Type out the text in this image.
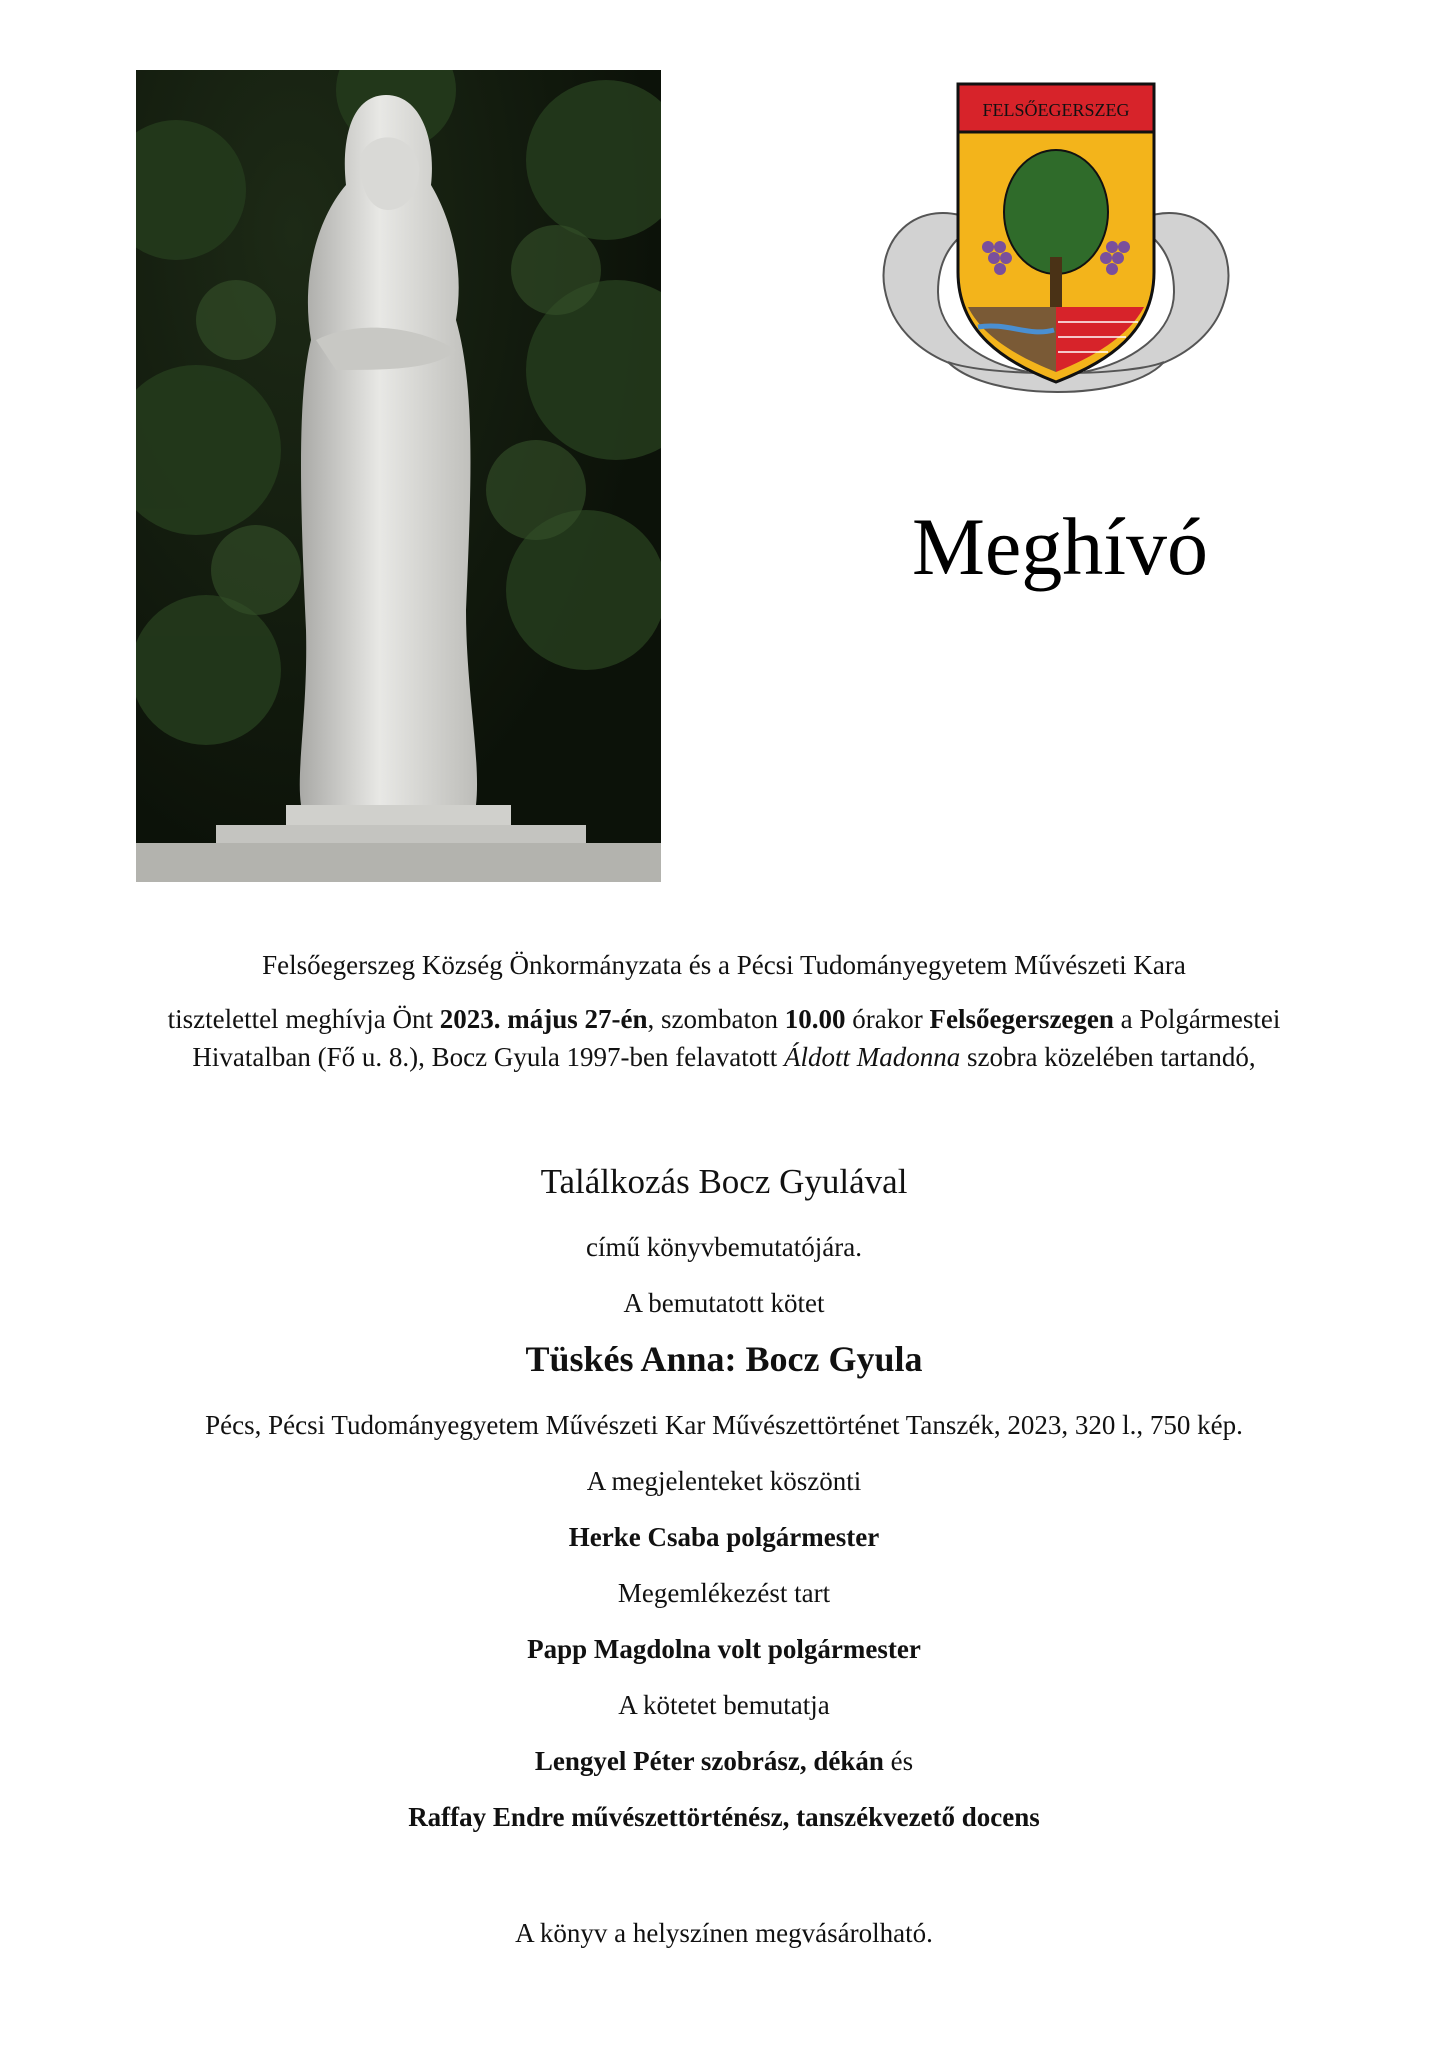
FELSŐEGERSZEG
Meghívó
Felsőegerszeg Község Önkormányzata és a Pécsi Tudományegyetem Művészeti Kara
tisztelettel meghívja Önt 2023. május 27-én, szombaton 10.00 órakor Felsőegerszegen a Polgármestei
Hivatalban (Fő u. 8.), Bocz Gyula 1997-ben felavatott Áldott Madonna szobra közelében tartandó,
Találkozás Bocz Gyulával
című könyvbemutatójára.
A bemutatott kötet
Tüskés Anna: Bocz Gyula
Pécs, Pécsi Tudományegyetem Művészeti Kar Művészettörténet Tanszék, 2023, 320 l., 750 kép.
A megjelenteket köszönti
Herke Csaba polgármester
Megemlékezést tart
Papp Magdolna volt polgármester
A kötetet bemutatja
Lengyel Péter szobrász, dékán és
Raffay Endre művészettörténész, tanszékvezető docens
A könyv a helyszínen megvásárolható.
